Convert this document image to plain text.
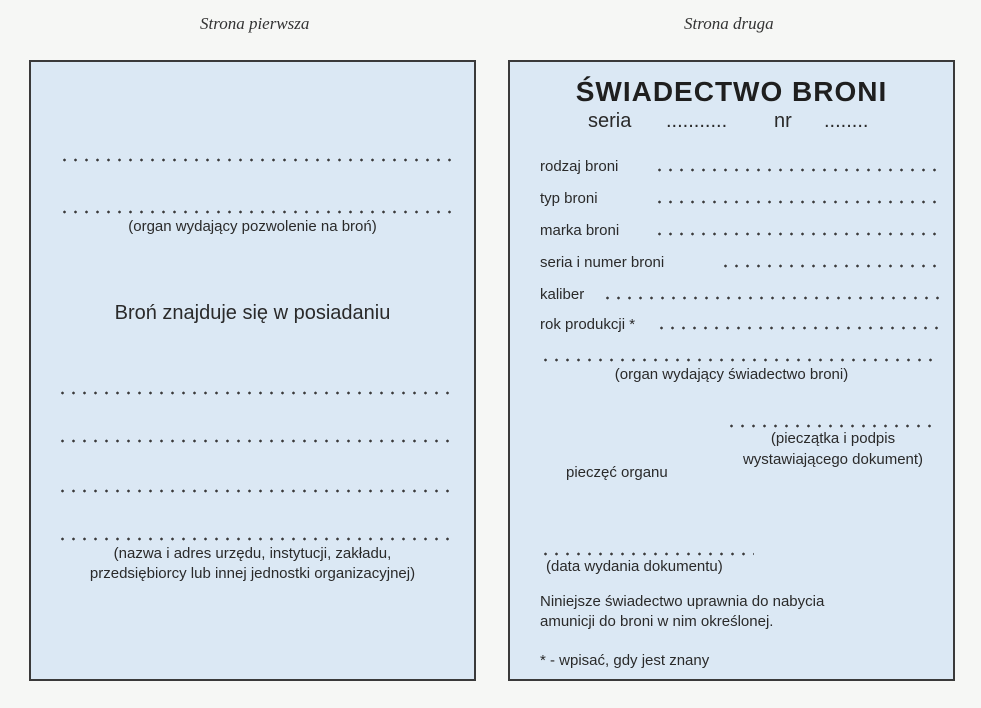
Strona pierwsza	Strona druga
(organ wydający pozwolenie na broń)
Broń znajduje się w posiadaniu
(nazwa i adres urzędu, instytucji, zakładu,
przedsiębiorcy lub innej jednostki organizacyjnej)
ŚWIADECTWO BRONI
seria ........... nr ........
rodzaj broni
typ broni
marka broni
seria i numer broni
kaliber
rok produkcji *
(organ wydający świadectwo broni)
(pieczątka i podpis
wystawiającego dokument)
pieczęć organu
(data wydania dokumentu)
Niniejsze świadectwo uprawnia do nabycia
amunicji do broni w nim określonej.
* - wpisać, gdy jest znany
